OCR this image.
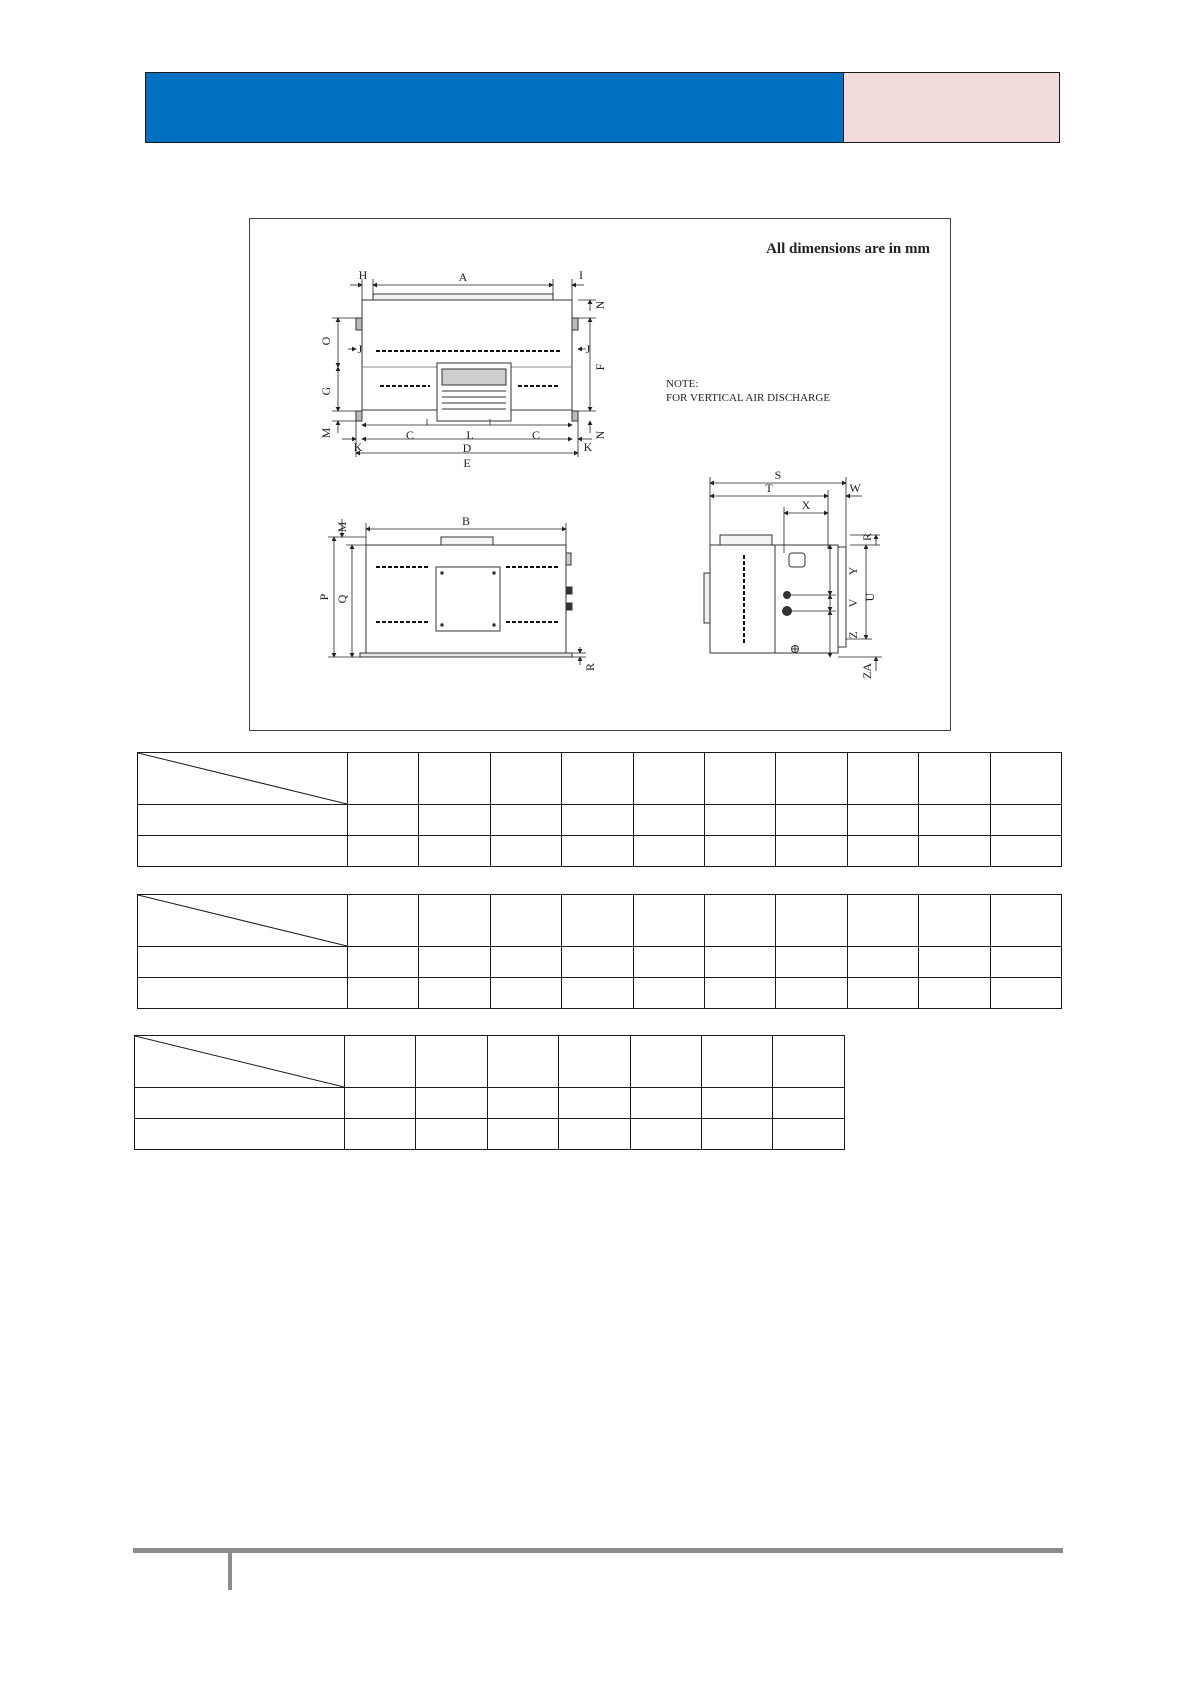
All dimensions are in mm
NOTE:
FOR VERTICAL AIR DISCHARGE
A
H	I
C	L	C
D
E
K	K
J	J
O
G
M
F
N
N
B
P Q
M
R
S
T	W
X
R
Y
V
U
Z
ZA
